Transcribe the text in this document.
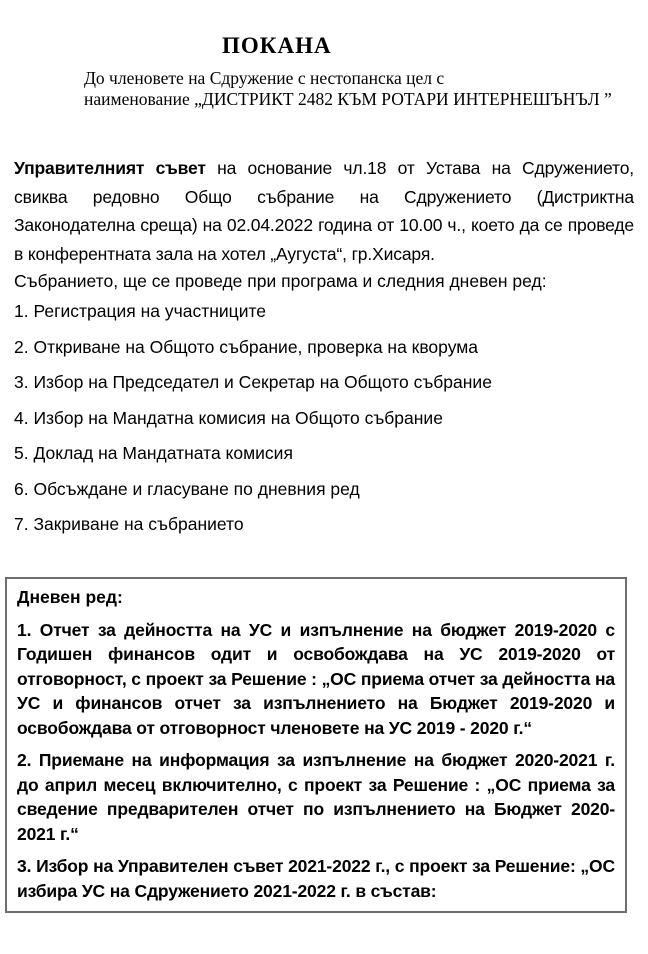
ПОКАНА

До членовете на Сдружение с нестопанска цел с
наименование „ДИСТРИКТ 2482 КЪМ РОТАРИ ИНТЕРНЕШЪНЪЛ ”

Управителният съвет на основание чл.18 от Устава на Сдружението, свиква редовно Общо събрание на Сдружението (Дистриктна Законодателна среща) на 02.04.2022 година от 10.00 ч., което да се проведе в конферентната зала на хотел „Аугуста“, гр.Хисаря.

Събранието, ще се проведе при програма и следния дневен ред:

1. Регистрация на участниците

2. Откриване на Общото събрание, проверка на кворума

3. Избор на Председател и Секретар на Общото събрание

4. Избор на Мандатна комисия на Общото събрание

5. Доклад на Мандатната комисия

6. Обсъждане и гласуване по дневния ред

7. Закриване на събранието

Дневен ред:

1. Отчет за дейността на УС и изпълнение на бюджет 2019-2020 с Годишен финансов одит и освобождава на УС 2019-2020 от отговорност, с проект за Решение : „ОС приема отчет за дейността на УС и финансов отчет за изпълнението на Бюджет 2019-2020 и освобождава от отговорност членовете на УС 2019 - 2020 г.“

2. Приемане на информация за изпълнение на бюджет 2020-2021 г. до април месец включително, с проект за Решение : „ОС приема за сведение предварителен отчет по изпълнението на Бюджет 2020-2021 г.“

3. Избор на Управителен съвет 2021-2022 г., с проект за Решение: „ОС избира УС на Сдружението 2021-2022 г. в състав:
